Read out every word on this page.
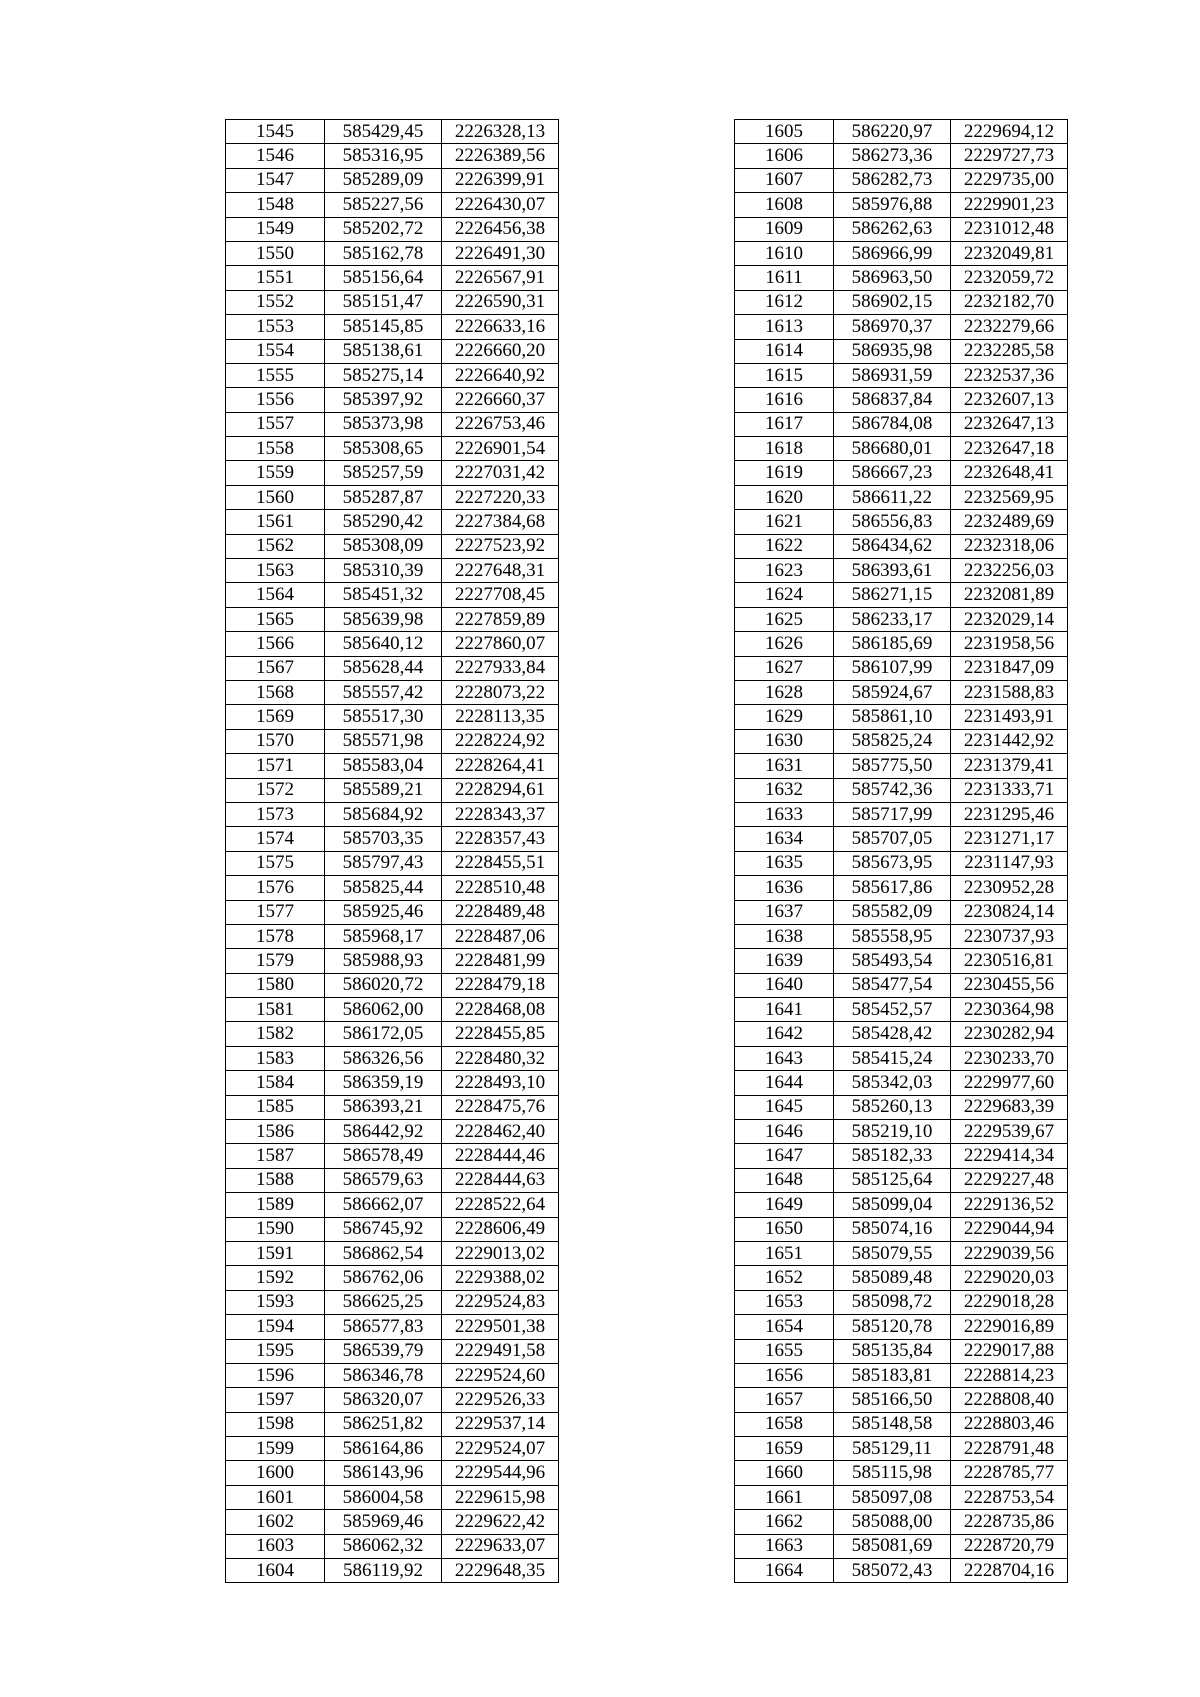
1545	585429,45	2226328,13
1546	585316,95	2226389,56
1547	585289,09	2226399,91
1548	585227,56	2226430,07
1549	585202,72	2226456,38
1550	585162,78	2226491,30
1551	585156,64	2226567,91
1552	585151,47	2226590,31
1553	585145,85	2226633,16
1554	585138,61	2226660,20
1555	585275,14	2226640,92
1556	585397,92	2226660,37
1557	585373,98	2226753,46
1558	585308,65	2226901,54
1559	585257,59	2227031,42
1560	585287,87	2227220,33
1561	585290,42	2227384,68
1562	585308,09	2227523,92
1563	585310,39	2227648,31
1564	585451,32	2227708,45
1565	585639,98	2227859,89
1566	585640,12	2227860,07
1567	585628,44	2227933,84
1568	585557,42	2228073,22
1569	585517,30	2228113,35
1570	585571,98	2228224,92
1571	585583,04	2228264,41
1572	585589,21	2228294,61
1573	585684,92	2228343,37
1574	585703,35	2228357,43
1575	585797,43	2228455,51
1576	585825,44	2228510,48
1577	585925,46	2228489,48
1578	585968,17	2228487,06
1579	585988,93	2228481,99
1580	586020,72	2228479,18
1581	586062,00	2228468,08
1582	586172,05	2228455,85
1583	586326,56	2228480,32
1584	586359,19	2228493,10
1585	586393,21	2228475,76
1586	586442,92	2228462,40
1587	586578,49	2228444,46
1588	586579,63	2228444,63
1589	586662,07	2228522,64
1590	586745,92	2228606,49
1591	586862,54	2229013,02
1592	586762,06	2229388,02
1593	586625,25	2229524,83
1594	586577,83	2229501,38
1595	586539,79	2229491,58
1596	586346,78	2229524,60
1597	586320,07	2229526,33
1598	586251,82	2229537,14
1599	586164,86	2229524,07
1600	586143,96	2229544,96
1601	586004,58	2229615,98
1602	585969,46	2229622,42
1603	586062,32	2229633,07
1604	586119,92	2229648,35
1605	586220,97	2229694,12
1606	586273,36	2229727,73
1607	586282,73	2229735,00
1608	585976,88	2229901,23
1609	586262,63	2231012,48
1610	586966,99	2232049,81
1611	586963,50	2232059,72
1612	586902,15	2232182,70
1613	586970,37	2232279,66
1614	586935,98	2232285,58
1615	586931,59	2232537,36
1616	586837,84	2232607,13
1617	586784,08	2232647,13
1618	586680,01	2232647,18
1619	586667,23	2232648,41
1620	586611,22	2232569,95
1621	586556,83	2232489,69
1622	586434,62	2232318,06
1623	586393,61	2232256,03
1624	586271,15	2232081,89
1625	586233,17	2232029,14
1626	586185,69	2231958,56
1627	586107,99	2231847,09
1628	585924,67	2231588,83
1629	585861,10	2231493,91
1630	585825,24	2231442,92
1631	585775,50	2231379,41
1632	585742,36	2231333,71
1633	585717,99	2231295,46
1634	585707,05	2231271,17
1635	585673,95	2231147,93
1636	585617,86	2230952,28
1637	585582,09	2230824,14
1638	585558,95	2230737,93
1639	585493,54	2230516,81
1640	585477,54	2230455,56
1641	585452,57	2230364,98
1642	585428,42	2230282,94
1643	585415,24	2230233,70
1644	585342,03	2229977,60
1645	585260,13	2229683,39
1646	585219,10	2229539,67
1647	585182,33	2229414,34
1648	585125,64	2229227,48
1649	585099,04	2229136,52
1650	585074,16	2229044,94
1651	585079,55	2229039,56
1652	585089,48	2229020,03
1653	585098,72	2229018,28
1654	585120,78	2229016,89
1655	585135,84	2229017,88
1656	585183,81	2228814,23
1657	585166,50	2228808,40
1658	585148,58	2228803,46
1659	585129,11	2228791,48
1660	585115,98	2228785,77
1661	585097,08	2228753,54
1662	585088,00	2228735,86
1663	585081,69	2228720,79
1664	585072,43	2228704,16
